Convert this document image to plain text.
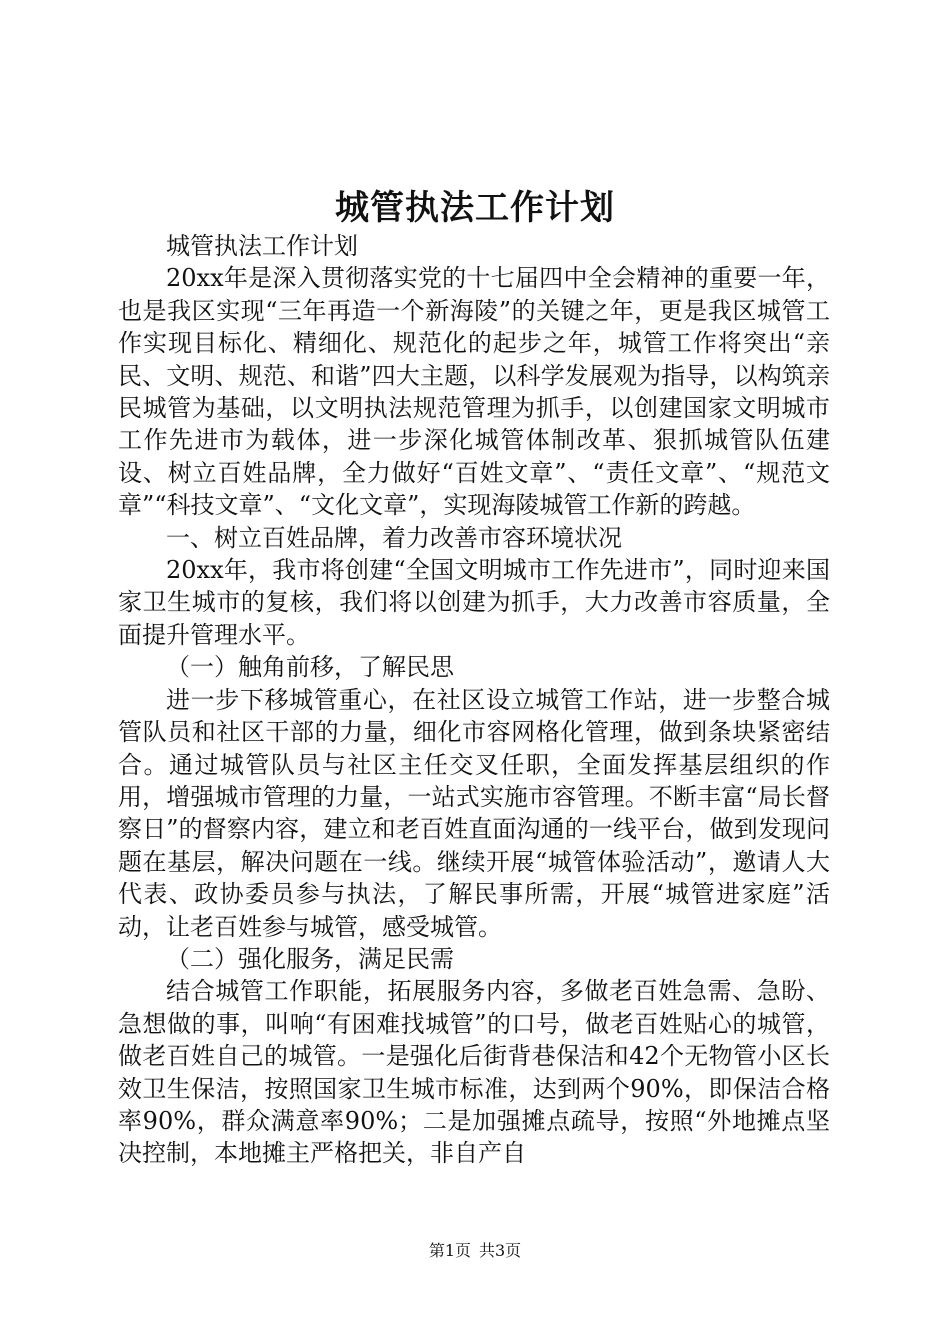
城管执法工作计划

城管执法工作计划

20xx年是深入贯彻落实党的十七届四中全会精神的重要一年，也是我区实现“三年再造一个新海陵”的关键之年，更是我区城管工作实现目标化、精细化、规范化的起步之年，城管工作将突出“亲民、文明、规范、和谐”四大主题，以科学发展观为指导，以构筑亲民城管为基础，以文明执法规范管理为抓手，以创建国家文明城市工作先进市为载体，进一步深化城管体制改革、狠抓城管队伍建设、树立百姓品牌，全力做好“百姓文章”、“责任文章”、“规范文章”“科技文章”、“文化文章”，实现海陵城管工作新的跨越。

一、树立百姓品牌，着力改善市容环境状况

20xx年，我市将创建“全国文明城市工作先进市”，同时迎来国家卫生城市的复核，我们将以创建为抓手，大力改善市容质量，全面提升管理水平。

（一）触角前移，了解民思

进一步下移城管重心，在社区设立城管工作站，进一步整合城管队员和社区干部的力量，细化市容网格化管理，做到条块紧密结合。通过城管队员与社区主任交叉任职，全面发挥基层组织的作用，增强城市管理的力量，一站式实施市容管理。不断丰富“局长督察日”的督察内容，建立和老百姓直面沟通的一线平台，做到发现问题在基层，解决问题在一线。继续开展“城管体验活动”，邀请人大代表、政协委员参与执法，了解民事所需，开展“城管进家庭”活动，让老百姓参与城管，感受城管。

（二）强化服务，满足民需

结合城管工作职能，拓展服务内容，多做老百姓急需、急盼、急想做的事，叫响“有困难找城管”的口号，做老百姓贴心的城管，做老百姓自己的城管。一是强化后街背巷保洁和42个无物管小区长效卫生保洁，按照国家卫生城市标准，达到两个90%，即保洁合格率90%，群众满意率90%；二是加强摊点疏导，按照“外地摊点坚决控制，本地摊主严格把关，非自产自

第1页 共3页
